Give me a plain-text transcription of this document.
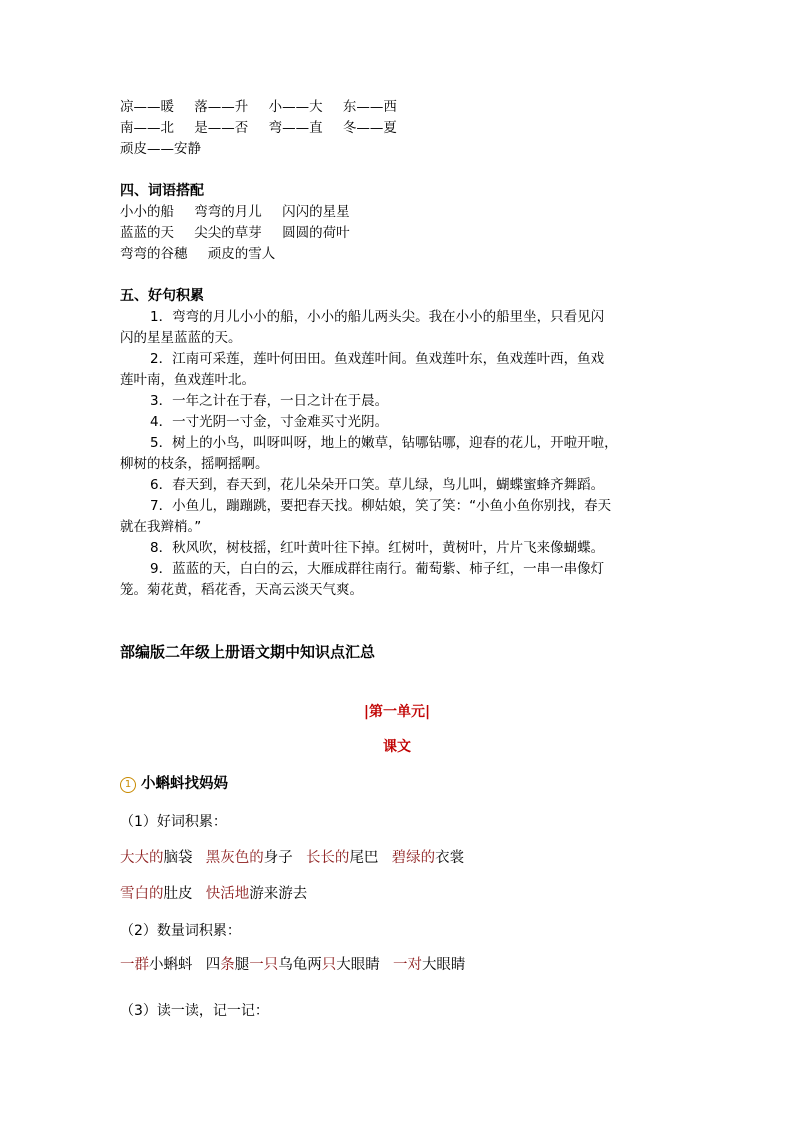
凉——暖 落——升 小——大 东——西
南——北 是——否 弯——直 冬——夏
顽皮——安静
四、词语搭配
小小的船 弯弯的月儿 闪闪的星星
蓝蓝的天 尖尖的草芽 圆圆的荷叶
弯弯的谷穗 顽皮的雪人
五、好句积累
1．弯弯的月儿小小的船，小小的船儿两头尖。我在小小的船里坐，只看见闪
闪的星星蓝蓝的天。
2．江南可采莲，莲叶何田田。鱼戏莲叶间。鱼戏莲叶东，鱼戏莲叶西，鱼戏
莲叶南，鱼戏莲叶北。
3．一年之计在于春，一日之计在于晨。
4．一寸光阴一寸金，寸金难买寸光阴。
5．树上的小鸟，叫呀叫呀，地上的嫩草，钻哪钻哪，迎春的花儿，开啦开啦，
柳树的枝条，摇啊摇啊。
6．春天到，春天到，花儿朵朵开口笑。草儿绿，鸟儿叫，蝴蝶蜜蜂齐舞蹈。
7．小鱼儿，蹦蹦跳，要把春天找。柳姑娘，笑了笑：“小鱼小鱼你别找，春天
就在我辫梢。”
8．秋风吹，树枝摇，红叶黄叶往下掉。红树叶，黄树叶，片片飞来像蝴蝶。
9．蓝蓝的天，白白的云，大雁成群往南行。葡萄紫、柿子红，一串一串像灯
笼。菊花黄，稻花香，天高云淡天气爽。
部编版二年级上册语文期中知识点汇总
|第一单元|
课文
1 小蝌蚪找妈妈
（1）好词积累：
大大的脑袋 黑灰色的身子 长长的尾巴 碧绿的衣裳
雪白的肚皮 快活地游来游去
（2）数量词积累：
一群小蝌蚪 四条腿一只乌龟两只大眼睛 一对大眼睛
（3）读一读，记一记：
